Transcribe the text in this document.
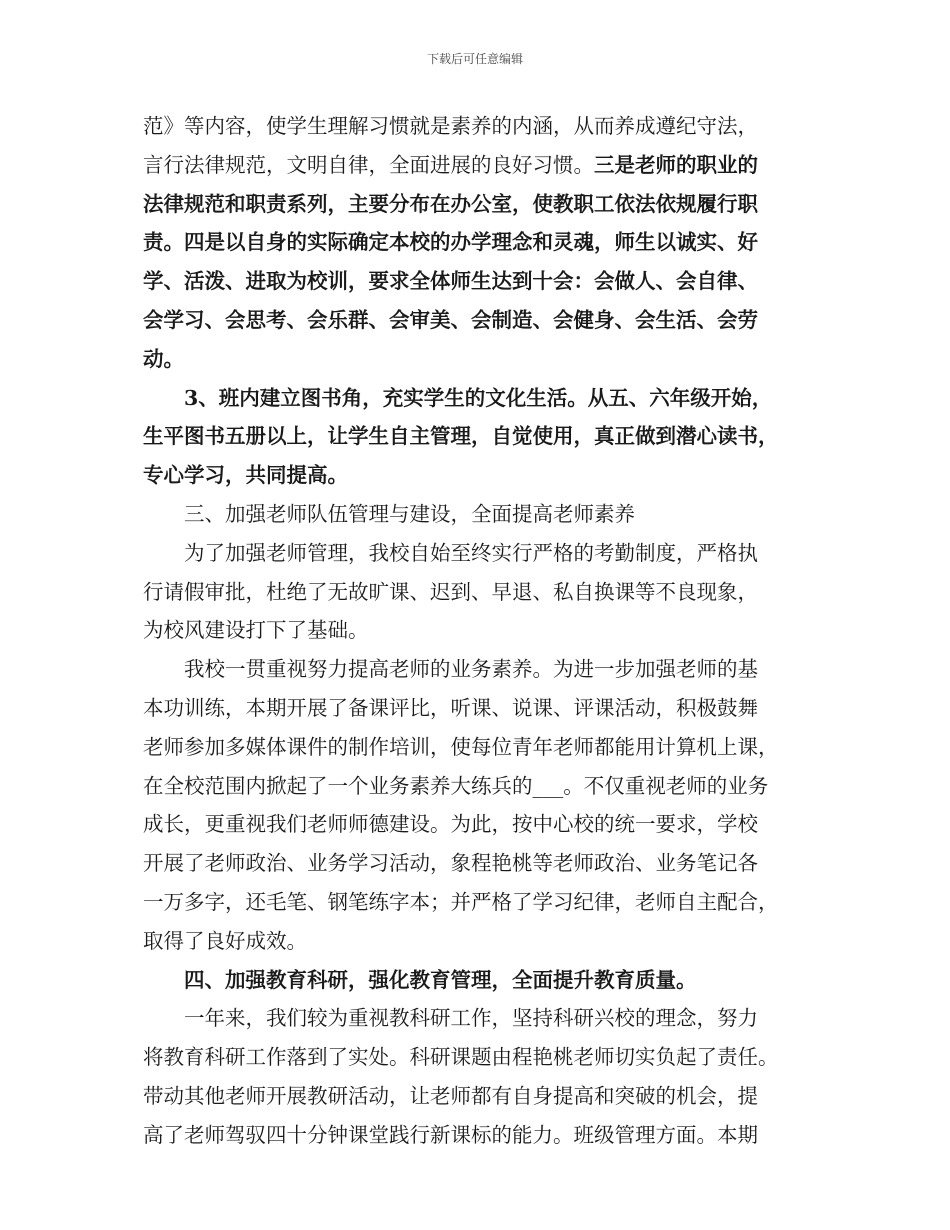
下载后可任意编辑
范》等内容，使学生理解习惯就是素养的内涵，从而养成遵纪守法，
言行法律规范，文明自律，全面进展的良好习惯。三是老师的职业的
法律规范和职责系列，主要分布在办公室，使教职工依法依规履行职
责。四是以自身的实际确定本校的办学理念和灵魂，师生以诚实、好
学、活泼、进取为校训，要求全体师生达到十会：会做人、会自律、
会学习、会思考、会乐群、会审美、会制造、会健身、会生活、会劳
动。
3、班内建立图书角，充实学生的文化生活。从五、六年级开始，
生平图书五册以上，让学生自主管理，自觉使用，真正做到潜心读书，
专心学习，共同提高。
三、加强老师队伍管理与建设，全面提高老师素养
为了加强老师管理，我校自始至终实行严格的考勤制度，严格执
行请假审批，杜绝了无故旷课、迟到、早退、私自换课等不良现象，
为校风建设打下了基础。
我校一贯重视努力提高老师的业务素养。为进一步加强老师的基
本功训练，本期开展了备课评比，听课、说课、评课活动，积极鼓舞
老师参加多媒体课件的制作培训，使每位青年老师都能用计算机上课，
在全校范围内掀起了一个业务素养大练兵的___。不仅重视老师的业务
成长，更重视我们老师师德建设。为此，按中心校的统一要求，学校
开展了老师政治、业务学习活动，象程艳桃等老师政治、业务笔记各
一万多字，还毛笔、钢笔练字本；并严格了学习纪律，老师自主配合，
取得了良好成效。
四、加强教育科研，强化教育管理，全面提升教育质量。
一年来，我们较为重视教科研工作，坚持科研兴校的理念，努力
将教育科研工作落到了实处。科研课题由程艳桃老师切实负起了责任。
带动其他老师开展教研活动，让老师都有自身提高和突破的机会，提
高了老师驾驭四十分钟课堂践行新课标的能力。班级管理方面。本期
